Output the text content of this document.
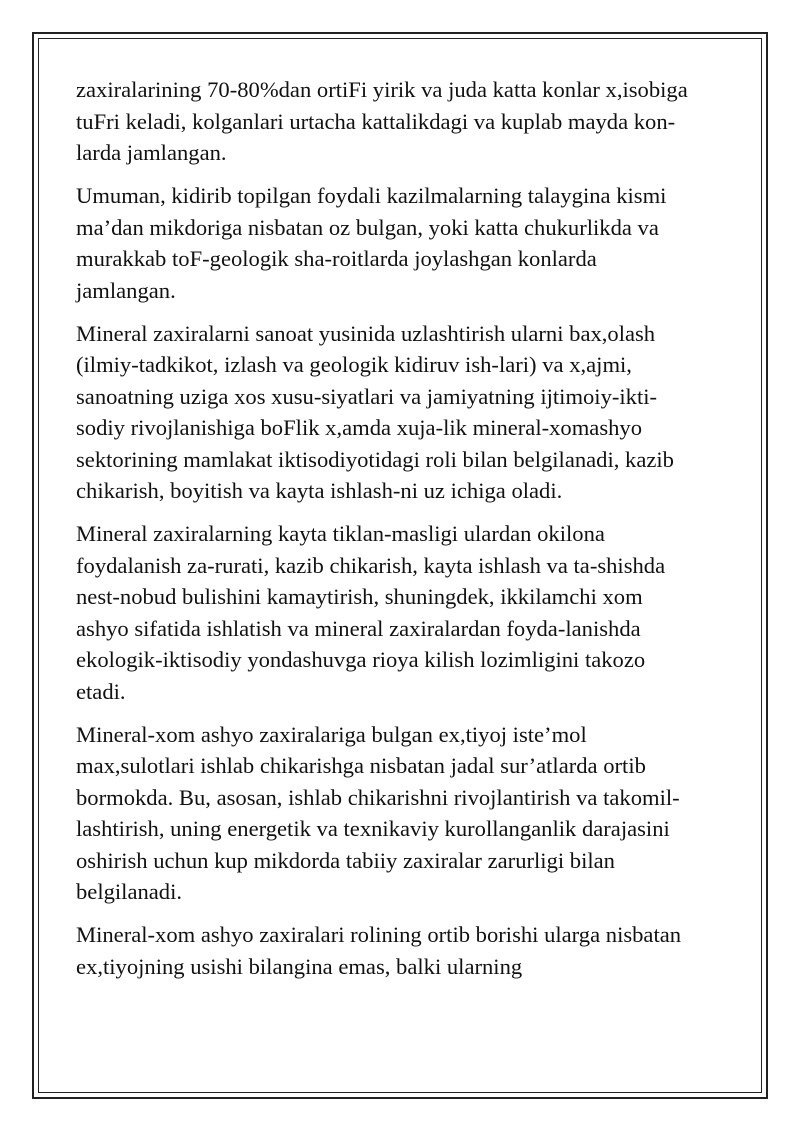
zaxiralarining 70-80%dan ortiFi yirik va juda katta konlar x,isobiga
tuFri keladi, kolganlari urtacha kattalikdagi va kuplab mayda kon-
larda jamlangan.

Umuman, kidirib topilgan foydali kazilmalarning talaygina kismi
ma’dan mikdoriga nisbatan oz bulgan, yoki katta chukurlikda va
murakkab toF-geologik sha-roitlarda joylashgan konlarda
jamlangan.

Mineral zaxiralarni sanoat yusinida uzlashtirish ularni bax,olash
(ilmiy-tadkikot, izlash va geologik kidiruv ish-lari) va x,ajmi,
sanoatning uziga xos xusu-siyatlari va jamiyatning ijtimoiy-ikti-
sodiy rivojlanishiga boFlik x,amda xuja-lik mineral-xomashyo
sektorining mamlakat iktisodiyotidagi roli bilan belgilanadi, kazib
chikarish, boyitish va kayta ishlash-ni uz ichiga oladi.

Mineral zaxiralarning kayta tiklan-masligi ulardan okilona
foydalanish za-rurati, kazib chikarish, kayta ishlash va ta-shishda
nest-nobud bulishini kamaytirish, shuningdek, ikkilamchi xom
ashyo sifatida ishlatish va mineral zaxiralardan foyda-lanishda
ekologik-iktisodiy yondashuvga rioya kilish lozimligini takozo
etadi.

Mineral-xom ashyo zaxiralariga bulgan ex,tiyoj iste’mol
max,sulotlari ishlab chikarishga nisbatan jadal sur’atlarda ortib
bormokda. Bu, asosan, ishlab chikarishni rivojlantirish va takomil-
lashtirish, uning energetik va texnikaviy kurollanganlik darajasini
oshirish uchun kup mikdorda tabiiy zaxiralar zarurligi bilan
belgilanadi.

Mineral-xom ashyo zaxiralari rolining ortib borishi ularga nisbatan
ex,tiyojning usishi bilangina emas, balki ularning
